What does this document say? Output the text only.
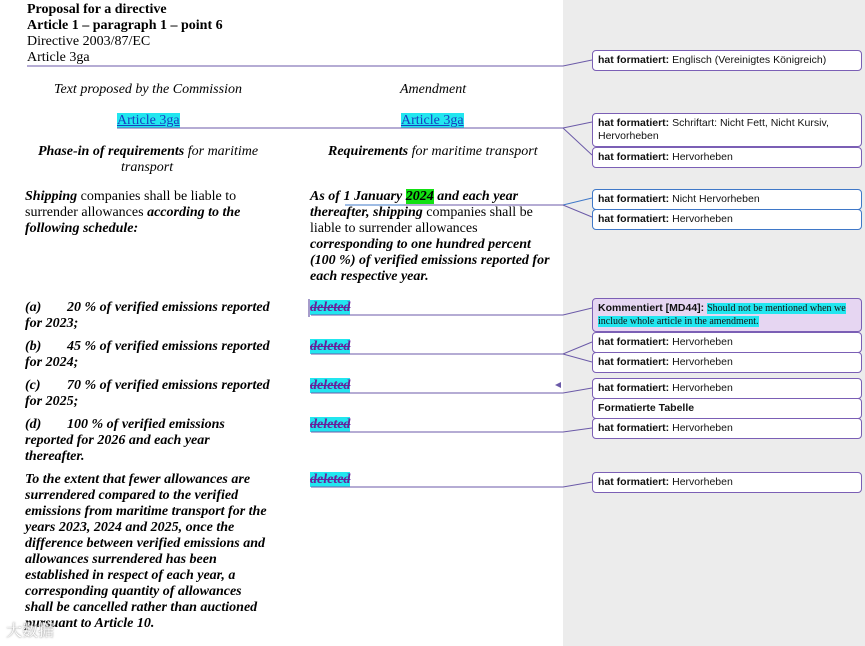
Proposal for a directive
Article 1 – paragraph 1 – point 6
Directive 2003/87/EC
Article 3ga
Text proposed by the Commission	Amendment
Article 3ga	Article 3ga
Phase-in of requirements for maritime
transport
Requirements for maritime transport
Shipping companies shall be liable to
surrender allowances according to the
following schedule:
As of 1 January 2024 and each year
thereafter, shipping companies shall be
liable to surrender allowances
corresponding to one hundred percent
(100 %) of verified emissions reported for
each respective year.
(a) 20 % of verified emissions reported
for 2023;
(b) 45 % of verified emissions reported
for 2024;
(c) 70 % of verified emissions reported
for 2025;
(d) 100 % of verified emissions
reported for 2026 and each year
thereafter.
To the extent that fewer allowances are
surrendered compared to the verified
emissions from maritime transport for the
years 2023, 2024 and 2025, once the
difference between verified emissions and
allowances surrendered has been
established in respect of each year, a
corresponding quantity of allowances
shall be cancelled rather than auctioned
pursuant to Article 10.
deleted
deleted
deleted
deleted
deleted
hat formatiert: Englisch (Vereinigtes Königreich)
hat formatiert: Schriftart: Nicht Fett, Nicht Kursiv, Hervorheben
hat formatiert: Hervorheben
hat formatiert: Nicht Hervorheben
hat formatiert: Hervorheben
Kommentiert [MD44]: Should not be mentioned when we include whole article in the amendment.
hat formatiert: Hervorheben
hat formatiert: Hervorheben
hat formatiert: Hervorheben
Formatierte Tabelle
hat formatiert: Hervorheben
hat formatiert: Hervorheben
大数据
